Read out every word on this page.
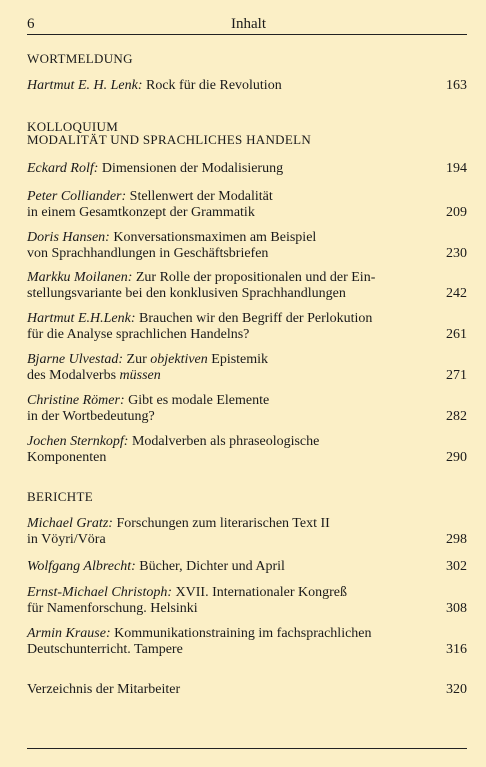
6	Inhalt
WORTMELDUNG
Hartmut E. H. Lenk: Rock für die Revolution	163
KOLLOQUIUM
MODALITÄT UND SPRACHLICHES HANDELN
Eckard Rolf: Dimensionen der Modalisierung	194
Peter Colliander: Stellenwert der Modalität
in einem Gesamtkonzept der Grammatik	209
Doris Hansen: Konversationsmaximen am Beispiel
von Sprachhandlungen in Geschäftsbriefen	230
Markku Moilanen: Zur Rolle der propositionalen und der Ein-
stellungsvariante bei den konklusiven Sprachhandlungen	242
Hartmut E.H.Lenk: Brauchen wir den Begriff der Perlokution
für die Analyse sprachlichen Handelns?	261
Bjarne Ulvestad: Zur objektiven Epistemik
des Modalverbs müssen	271
Christine Römer: Gibt es modale Elemente
in der Wortbedeutung?	282
Jochen Sternkopf: Modalverben als phraseologische
Komponenten	290
BERICHTE
Michael Gratz: Forschungen zum literarischen Text II
in Vöyri/Vöra	298
Wolfgang Albrecht: Bücher, Dichter und April	302
Ernst-Michael Christoph: XVII. Internationaler Kongreß
für Namenforschung. Helsinki	308
Armin Krause: Kommunikationstraining im fachsprachlichen
Deutschunterricht. Tampere	316
Verzeichnis der Mitarbeiter	320
